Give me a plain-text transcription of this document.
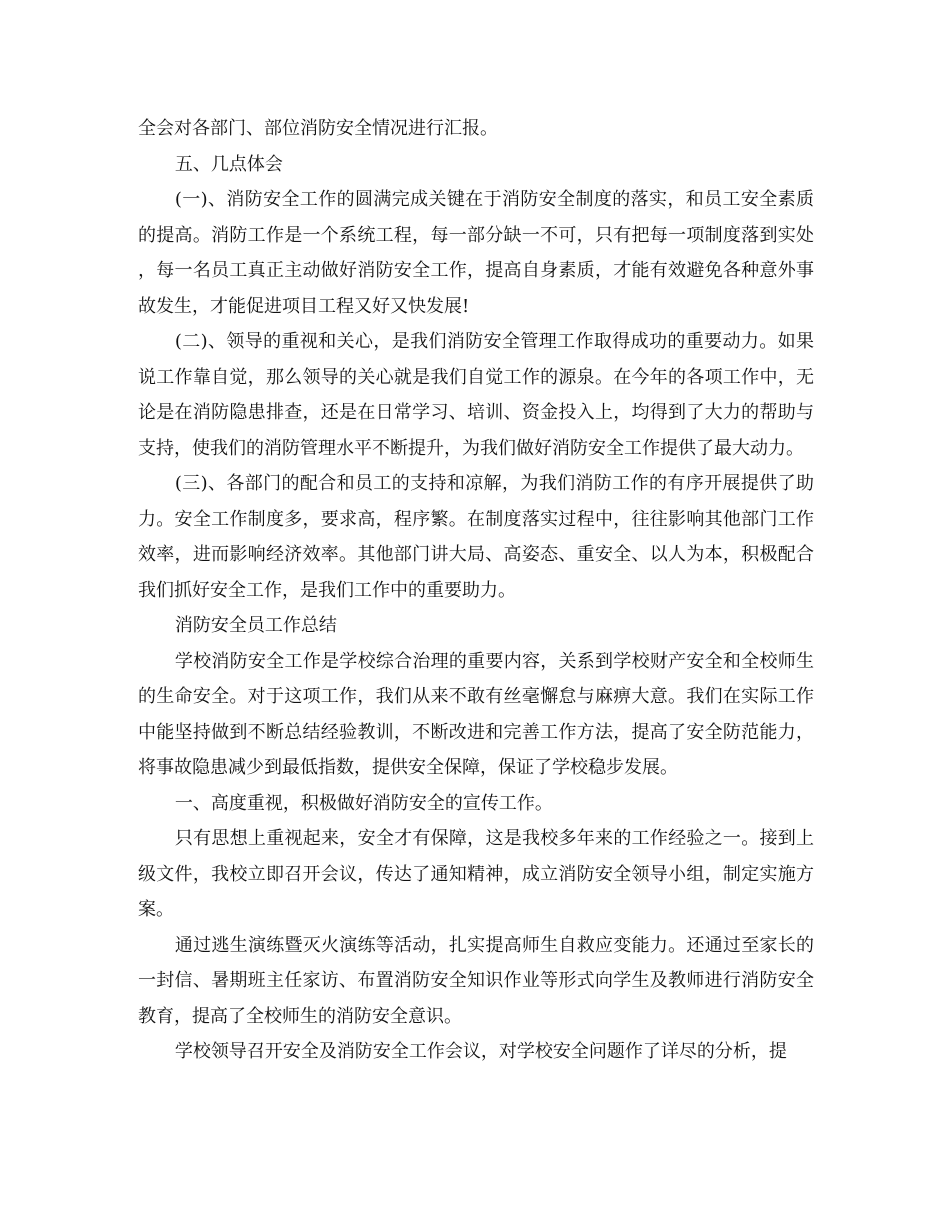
全会对各部门、部位消防安全情况进行汇报。

五、几点体会

(一)、消防安全工作的圆满完成关键在于消防安全制度的落实，和员工安全素质的提高。消防工作是一个系统工程，每一部分缺一不可，只有把每一项制度落到实处，每一名员工真正主动做好消防安全工作，提高自身素质，才能有效避免各种意外事故发生，才能促进项目工程又好又快发展!

(二)、领导的重视和关心，是我们消防安全管理工作取得成功的重要动力。如果说工作靠自觉，那么领导的关心就是我们自觉工作的源泉。在今年的各项工作中，无论是在消防隐患排查，还是在日常学习、培训、资金投入上，均得到了大力的帮助与支持，使我们的消防管理水平不断提升，为我们做好消防安全工作提供了最大动力。

(三)、各部门的配合和员工的支持和凉解，为我们消防工作的有序开展提供了助力。安全工作制度多，要求高，程序繁。在制度落实过程中，往往影响其他部门工作效率，进而影响经济效率。其他部门讲大局、高姿态、重安全、以人为本，积极配合我们抓好安全工作，是我们工作中的重要助力。

消防安全员工作总结

学校消防安全工作是学校综合治理的重要内容，关系到学校财产安全和全校师生的生命安全。对于这项工作，我们从来不敢有丝毫懈怠与麻痹大意。我们在实际工作中能坚持做到不断总结经验教训，不断改进和完善工作方法，提高了安全防范能力，将事故隐患减少到最低指数，提供安全保障，保证了学校稳步发展。

一、高度重视，积极做好消防安全的宣传工作。

只有思想上重视起来，安全才有保障，这是我校多年来的工作经验之一。接到上级文件，我校立即召开会议，传达了通知精神，成立消防安全领导小组，制定实施方案。

通过逃生演练暨灭火演练等活动，扎实提高师生自救应变能力。还通过至家长的一封信、暑期班主任家访、布置消防安全知识作业等形式向学生及教师进行消防安全教育，提高了全校师生的消防安全意识。

学校领导召开安全及消防安全工作会议，对学校安全问题作了详尽的分析，提
